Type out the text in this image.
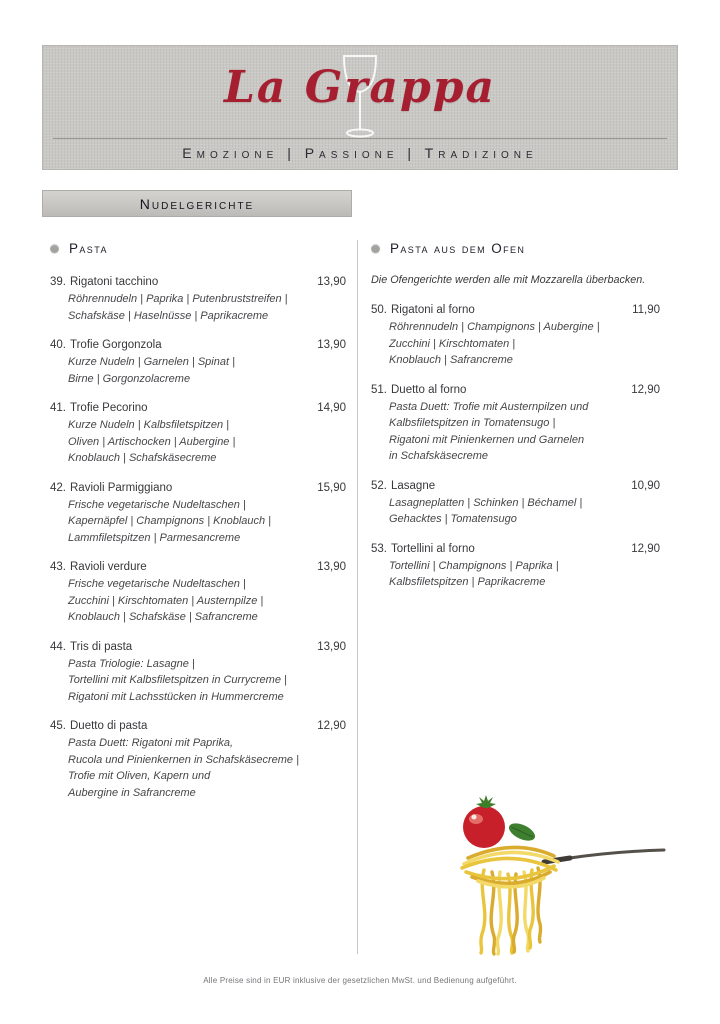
La Grappa
Emozione | Passione | Tradizione
Nudelgerichte
Pasta
39. Rigatoni tacchino	13,90
Röhrennudeln | Paprika | Putenbruststreifen |
Schafskäse | Haselnüsse | Paprikacreme
40. Trofie Gorgonzola	13,90
Kurze Nudeln | Garnelen | Spinat |
Birne | Gorgonzolacreme
41. Trofie Pecorino	14,90
Kurze Nudeln | Kalbsfiletspitzen |
Oliven | Artischocken | Aubergine |
Knoblauch | Schafskäsecreme
42. Ravioli Parmiggiano	15,90
Frische vegetarische Nudeltaschen |
Kapernäpfel | Champignons | Knoblauch |
Lammfiletspitzen | Parmesancreme
43. Ravioli verdure	13,90
Frische vegetarische Nudeltaschen |
Zucchini | Kirschtomaten | Austernpilze |
Knoblauch | Schafskäse | Safrancreme
44. Tris di pasta	13,90
Pasta Triologie: Lasagne |
Tortellini mit Kalbsfiletspitzen in Currycreme |
Rigatoni mit Lachsstücken in Hummercreme
45. Duetto di pasta	12,90
Pasta Duett: Rigatoni mit Paprika,
Rucola und Pinienkernen in Schafskäsecreme |
Trofie mit Oliven, Kapern und
Aubergine in Safrancreme
Pasta aus dem Ofen
Die Ofengerichte werden alle mit Mozzarella überbacken.
50. Rigatoni al forno	11,90
Röhrennudeln | Champignons | Aubergine |
Zucchini | Kirschtomaten |
Knoblauch | Safrancreme
51. Duetto al forno	12,90
Pasta Duett: Trofie mit Austernpilzen und
Kalbsfiletspitzen in Tomatensugo |
Rigatoni mit Pinienkernen und Garnelen
in Schafskäsecreme
52. Lasagne	10,90
Lasagneplatten | Schinken | Béchamel |
Gehacktes | Tomatensugo
53. Tortellini al forno	12,90
Tortellini | Champignons | Paprika |
Kalbsfiletspitzen | Paprikacreme
Alle Preise sind in EUR inklusive der gesetzlichen MwSt. und Bedienung aufgeführt.
